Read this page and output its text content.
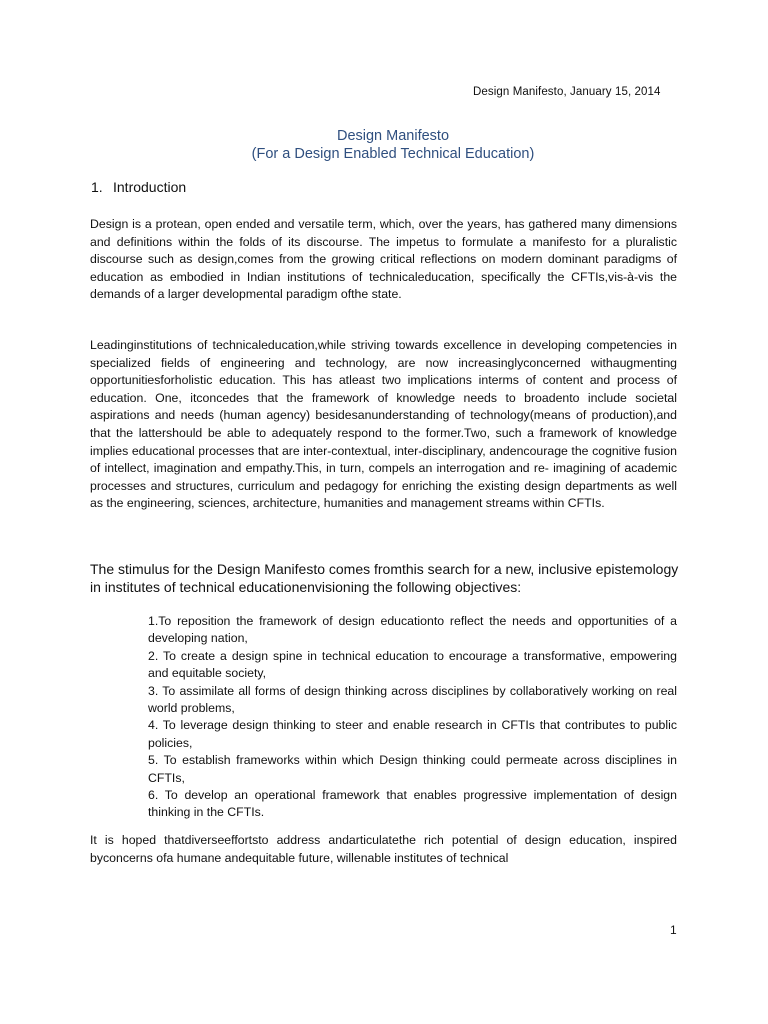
Design Manifesto, January 15, 2014
Design Manifesto
(For a Design Enabled Technical Education)
1. Introduction

Design is a protean, open ended and versatile term, which, over the years, has gathered many dimensions and definitions within the folds of its discourse. The impetus to formulate a manifesto for a pluralistic discourse such as design,comes from the growing critical reflections on modern dominant paradigms of education as embodied in Indian institutions of technicaleducation, specifically the CFTIs,vis-à-vis the demands of a larger developmental paradigm ofthe state.

Leadinginstitutions of technicaleducation,while striving towards excellence in developing competencies in specialized fields of engineering and technology, are now increasinglyconcerned withaugmenting opportunitiesforholistic education. This has atleast two implications interms of content and process of education. One, itconcedes that the framework of knowledge needs to broadento include societal aspirations and needs (human agency) besidesanunderstanding of technology(means of production),and that the lattershould be able to adequately respond to the former.Two, such a framework of knowledge implies educational processes that are inter-contextual, inter-disciplinary, andencourage the cognitive fusion of intellect, imagination and empathy.This, in turn, compels an interrogation and re- imagining of academic processes and structures, curriculum and pedagogy for enriching the existing design departments as well as the engineering, sciences, architecture, humanities and management streams within CFTIs.

The stimulus for the Design Manifesto comes fromthis search for a new, inclusive epistemology in institutes of technical educationenvisioning the following objectives:

1.To reposition the framework of design educationto reflect the needs and opportunities of a developing nation,
2. To create a design spine in technical education to encourage a transformative, empowering and equitable society,
3. To assimilate all forms of design thinking across disciplines by collaboratively working on real world problems,
4. To leverage design thinking to steer and enable research in CFTIs that contributes to public policies,
5. To establish frameworks within which Design thinking could permeate across disciplines in CFTIs,
6. To develop an operational framework that enables progressive implementation of design thinking in the CFTIs.

It is hoped thatdiverseeffortsto address andarticulatethe rich potential of design education, inspired byconcerns ofa humane andequitable future, willenable institutes of technical

1
